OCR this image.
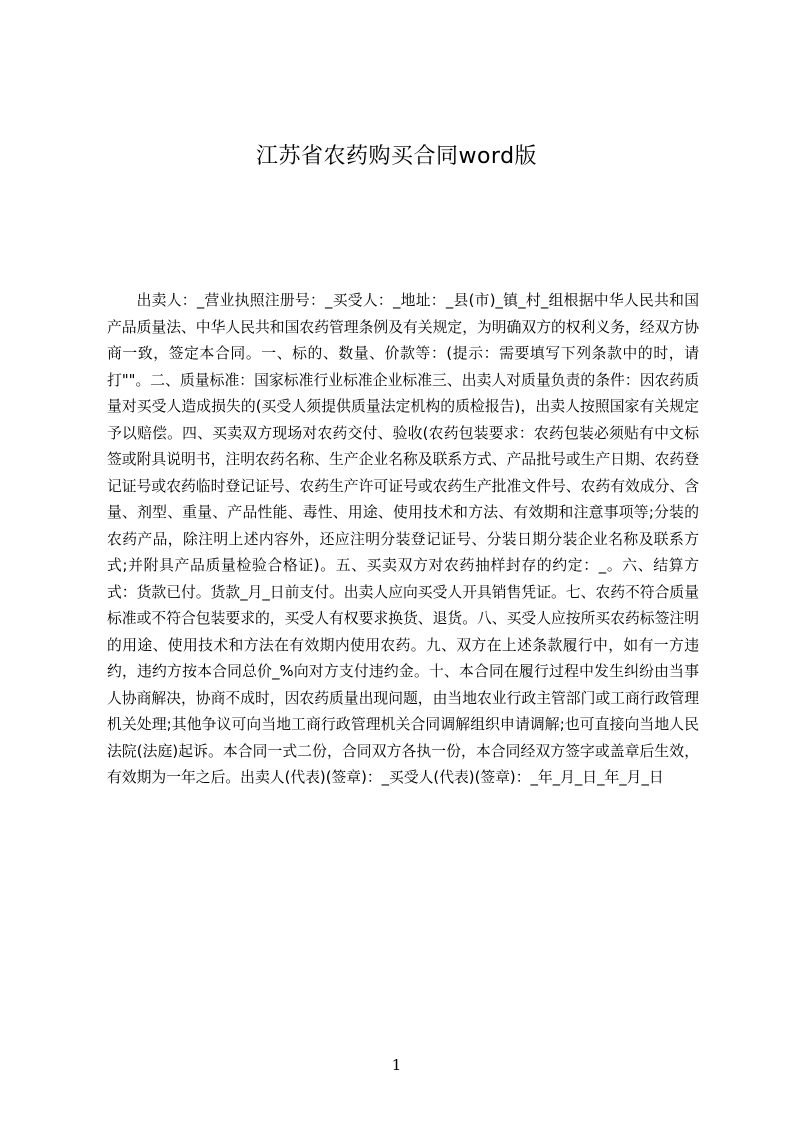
江苏省农药购买合同word版

出卖人：_营业执照注册号：_买受人：_地址：_县(市)_镇_村_组根据中华人民共和国产品质量法、中华人民共和国农药管理条例及有关规定，为明确双方的权利义务，经双方协商一致，签定本合同。一、标的、数量、价款等：(提示：需要填写下列条款中的时，请打""。二、质量标准：国家标准行业标准企业标准三、出卖人对质量负责的条件：因农药质量对买受人造成损失的(买受人须提供质量法定机构的质检报告)，出卖人按照国家有关规定予以赔偿。四、买卖双方现场对农药交付、验收(农药包装要求：农药包装必须贴有中文标签或附具说明书，注明农药名称、生产企业名称及联系方式、产品批号或生产日期、农药登记证号或农药临时登记证号、农药生产许可证号或农药生产批准文件号、农药有效成分、含量、剂型、重量、产品性能、毒性、用途、使用技术和方法、有效期和注意事项等;分装的农药产品，除注明上述内容外，还应注明分装登记证号、分装日期分装企业名称及联系方式;并附具产品质量检验合格证)。五、买卖双方对农药抽样封存的约定：_。六、结算方式：货款已付。货款_月_日前支付。出卖人应向买受人开具销售凭证。七、农药不符合质量标准或不符合包装要求的，买受人有权要求换货、退货。八、买受人应按所买农药标签注明的用途、使用技术和方法在有效期内使用农药。九、双方在上述条款履行中，如有一方违约，违约方按本合同总价_%向对方支付违约金。十、本合同在履行过程中发生纠纷由当事人协商解决，协商不成时，因农药质量出现问题，由当地农业行政主管部门或工商行政管理机关处理;其他争议可向当地工商行政管理机关合同调解组织申请调解;也可直接向当地人民法院(法庭)起诉。本合同一式二份，合同双方各执一份，本合同经双方签字或盖章后生效，有效期为一年之后。出卖人(代表)(签章)：_买受人(代表)(签章)：_年_月_日_年_月_日

1
